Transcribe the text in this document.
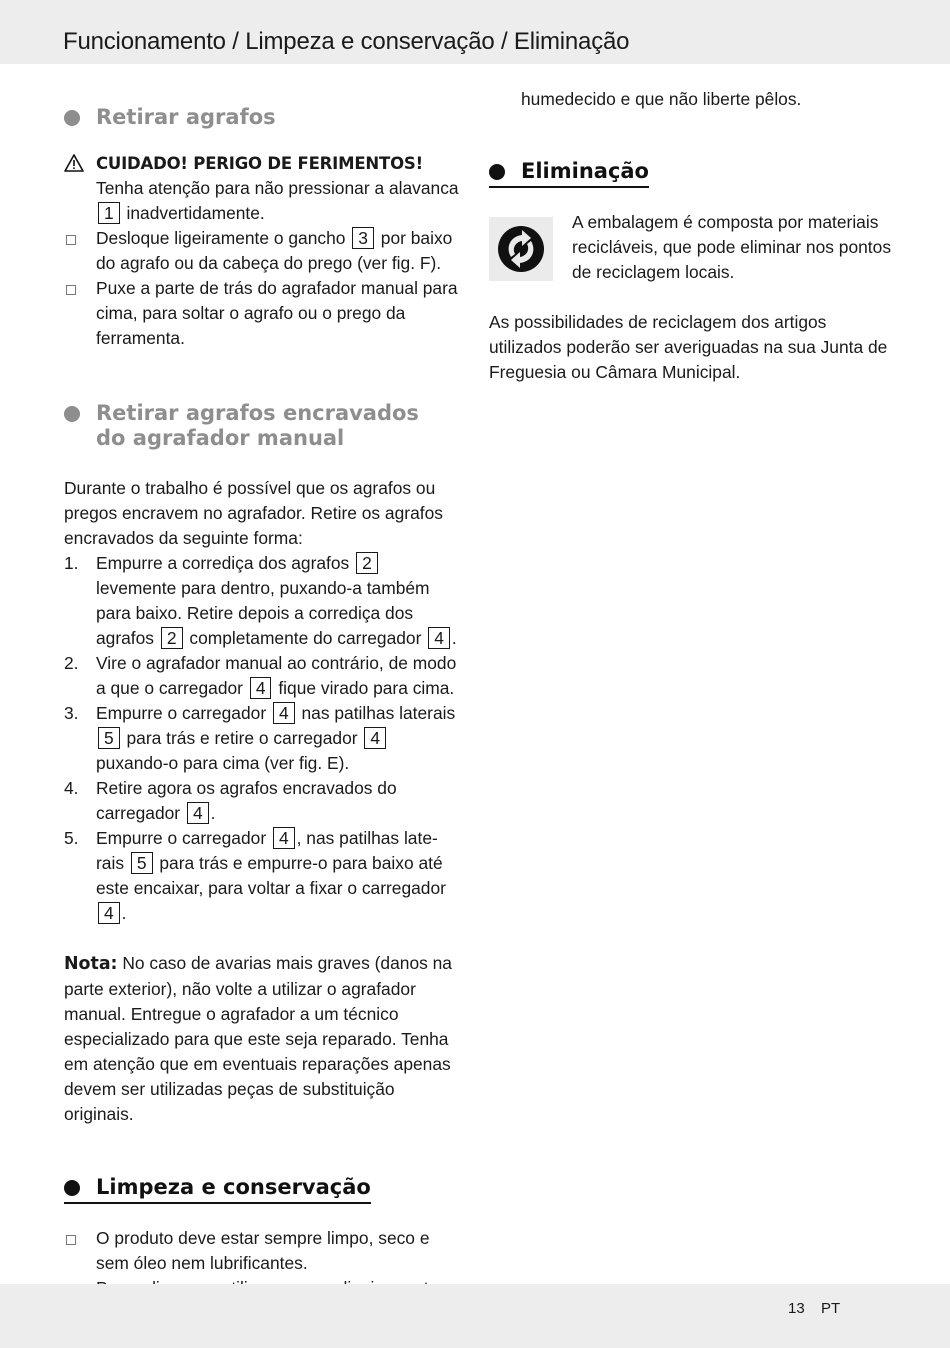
Funcionamento / Limpeza e conservação / Eliminação
Retirar agrafos
CUIDADO! PERIGO DE FERIMENTOS!
Tenha atenção para não pressionar a alavanca
1 inadvertidamente.
Desloque ligeiramente o gancho 3 por baixo do agrafo ou da cabeça do prego (ver fig. F).
Puxe a parte de trás do agrafador manual para cima, para soltar o agrafo ou o prego da ferramenta.
Retirar agrafos encravados
do agrafador manual

Durante o trabalho é possível que os agrafos ou pregos encravem no agrafador. Retire os agrafos encravados da seguinte forma:

1. Empurre a corrediça dos agrafos 2 levemente para dentro, puxando-a também para baixo. Retire depois a corrediça dos agrafos 2 completamente do carregador 4 .
2. Vire o agrafador manual ao contrário, de modo a que o carregador 4 fique virado para cima.
3. Empurre o carregador 4 nas patilhas laterais 5 para trás e retire o carregador 4 puxando-o para cima (ver fig. E).
4. Retire agora os agrafos encravados do carregador 4 .
5. Empurre o carregador 4 , nas patilhas late-rais 5 para trás e empurre-o para baixo até este encaixar, para voltar a fixar o carregador 4 .

Nota: No caso de avarias mais graves (danos na parte exterior), não volte a utilizar o agrafador manual. Entregue o agrafador a um técnico especializado para que este seja reparado. Tenha em atenção que em eventuais reparações apenas devem ser utilizadas peças de substituição originais.

Limpeza e conservação
O produto deve estar sempre limpo, seco e sem óleo nem lubrificantes.

humedecido e que não liberte pêlos.

Eliminação

A embalagem é composta por materiais recicláveis, que pode eliminar nos pontos de reciclagem locais.

As possibilidades de reciclagem dos artigos utilizados poderão ser averiguadas na sua Junta de Freguesia ou Câmara Municipal.

13 PT
